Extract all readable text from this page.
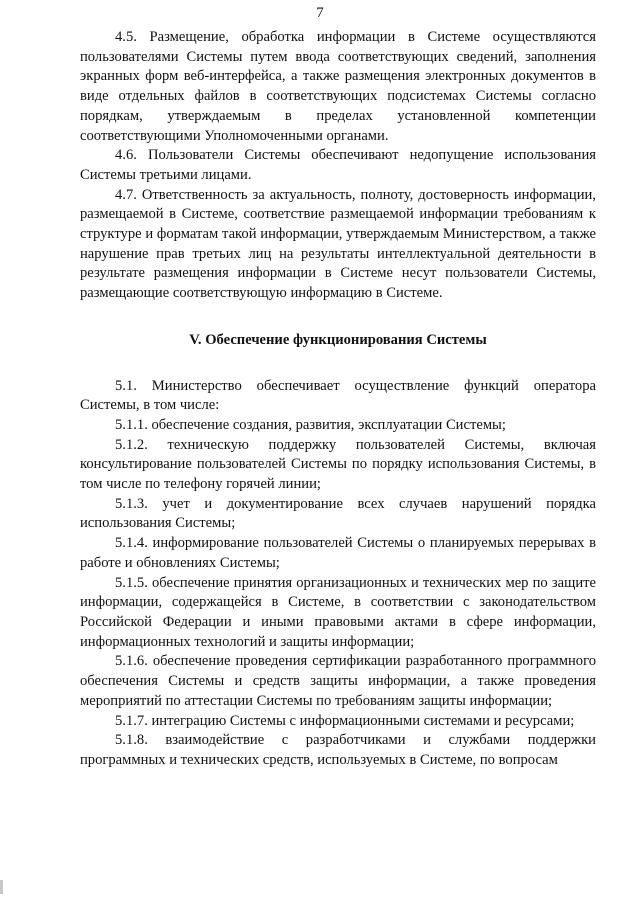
7

4.5. Размещение, обработка информации в Системе осуществляются пользователями Системы путем ввода соответствующих сведений, заполнения экранных форм веб-интерфейса, а также размещения электронных документов в виде отдельных файлов в соответствующих подсистемах Системы согласно порядкам, утверждаемым в пределах установленной компетенции соответствующими Уполномоченными органами.

4.6. Пользователи Системы обеспечивают недопущение использования Системы третьими лицами.

4.7. Ответственность за актуальность, полноту, достоверность информации, размещаемой в Системе, соответствие размещаемой информации требованиям к структуре и форматам такой информации, утверждаемым Министерством, а также нарушение прав третьих лиц на результаты интеллектуальной деятельности в результате размещения информации в Системе несут пользователи Системы, размещающие соответствующую информацию в Системе.

V. Обеспечение функционирования Системы

5.1. Министерство обеспечивает осуществление функций оператора Системы, в том числе:

5.1.1. обеспечение создания, развития, эксплуатации Системы;

5.1.2. техническую поддержку пользователей Системы, включая консультирование пользователей Системы по порядку использования Системы, в том числе по телефону горячей линии;

5.1.3. учет и документирование всех случаев нарушений порядка использования Системы;

5.1.4. информирование пользователей Системы о планируемых перерывах в работе и обновлениях Системы;

5.1.5. обеспечение принятия организационных и технических мер по защите информации, содержащейся в Системе, в соответствии с законодательством Российской Федерации и иными правовыми актами в сфере информации, информационных технологий и защиты информации;

5.1.6. обеспечение проведения сертификации разработанного программного обеспечения Системы и средств защиты информации, а также проведения мероприятий по аттестации Системы по требованиям защиты информации;

5.1.7. интеграцию Системы с информационными системами и ресурсами;

5.1.8. взаимодействие с разработчиками и службами поддержки программных и технических средств, используемых в Системе, по вопросам
